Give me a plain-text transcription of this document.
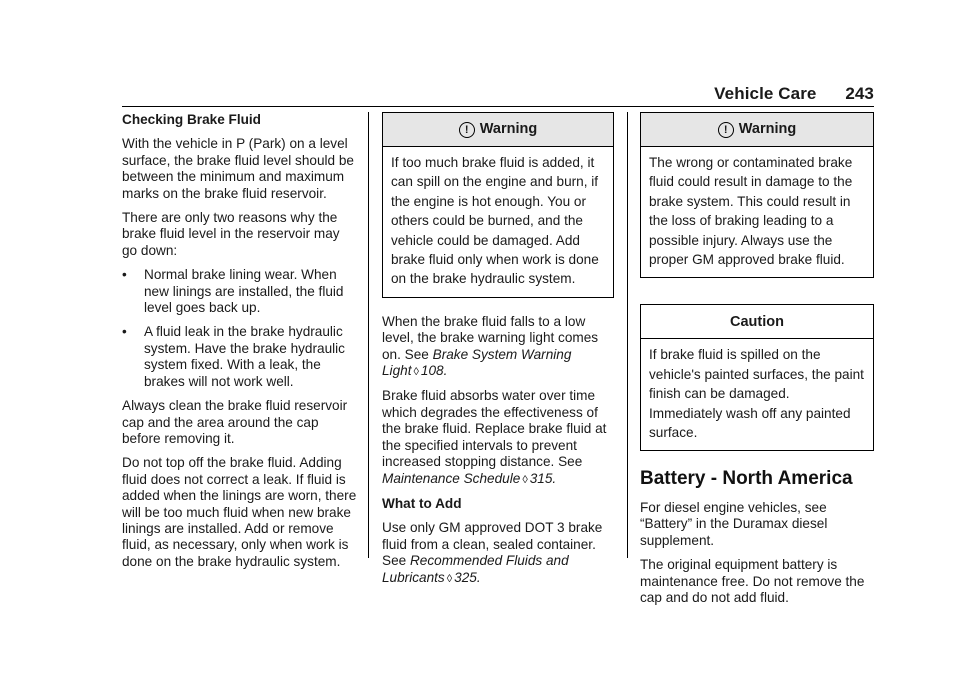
Vehicle Care 243
Checking Brake Fluid

With the vehicle in P (Park) on a level surface, the brake fluid level should be between the minimum and maximum marks on the brake fluid reservoir.

There are only two reasons why the brake fluid level in the reservoir may go down:

•	Normal brake lining wear. When new linings are installed, the fluid level goes back up.
•	A fluid leak in the brake hydraulic system. Have the brake hydraulic system fixed. With a leak, the brakes will not work well.

Always clean the brake fluid reservoir cap and the area around the cap before removing it.

Do not top off the brake fluid. Adding fluid does not correct a leak. If fluid is added when the linings are worn, there will be too much fluid when new brake linings are installed. Add or remove fluid, as necessary, only when work is done on the brake hydraulic system.

! Warning
If too much brake fluid is added, it can spill on the engine and burn, if the engine is hot enough. You or others could be burned, and the vehicle could be damaged. Add brake fluid only when work is done on the brake hydraulic system.

When the brake fluid falls to a low level, the brake warning light comes on. See Brake System Warning Light ◊ 108.

Brake fluid absorbs water over time which degrades the effectiveness of the brake fluid. Replace brake fluid at the specified intervals to prevent increased stopping distance. See Maintenance Schedule ◊ 315.

What to Add

Use only GM approved DOT 3 brake fluid from a clean, sealed container. See Recommended Fluids and Lubricants ◊ 325.

! Warning
The wrong or contaminated brake fluid could result in damage to the brake system. This could result in the loss of braking leading to a possible injury. Always use the proper GM approved brake fluid.
Caution
If brake fluid is spilled on the vehicle's painted surfaces, the paint finish can be damaged. Immediately wash off any painted surface.
Battery - North America

For diesel engine vehicles, see “Battery” in the Duramax diesel supplement.

The original equipment battery is maintenance free. Do not remove the cap and do not add fluid.
